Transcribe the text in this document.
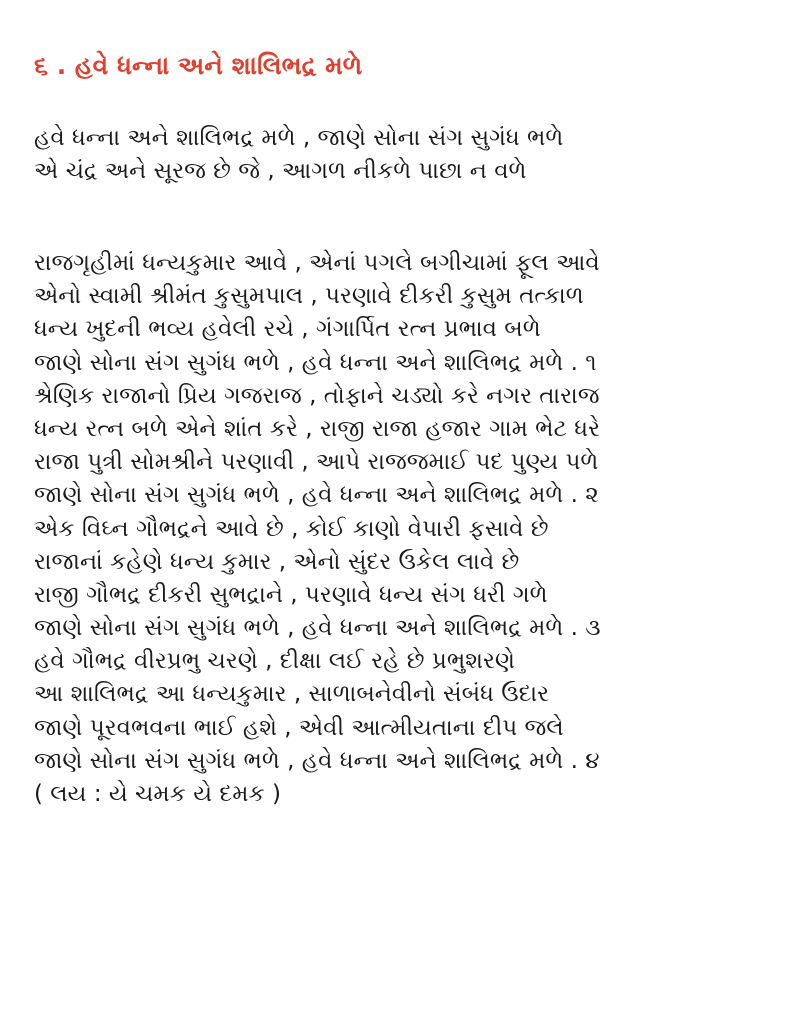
૬ . હવે ધન્ના અને શાલિભદ્ર મળે
હવે ધન્ના અને શાલિભદ્ર મળે , જાણે સોના સંગ સુગંધ ભળે
એ ચંદ્ર અને સૂરજ છે જે , આગળ નીકળે પાછા ન વળે
રાજગૃહીમાં ધન્યકુમાર આવે , એનાં પગલે બગીચામાં ફૂલ આવે
એનો સ્વામી શ્રીમંત કુસુમપાલ , પરણાવે દીકરી કુસુમ તત્કાળ
ધન્ય ખુદની ભવ્ય હવેલી રચે , ગંગાર્પિત રત્ન પ્રભાવ બળે
જાણે સોના સંગ સુગંધ ભળે , હવે ધન્ના અને શાલિભદ્ર મળે . ૧
શ્રેણિક રાજાનો પ્રિય ગજરાજ , તોફાને ચડ્યો કરે નગર તારાજ
ધન્ય રત્ન બળે એને શાંત કરે , રાજી રાજા હજાર ગામ ભેટ ધરે
રાજા પુત્રી સોમશ્રીને પરણાવી , આપે રાજજમાઈ પદ પુણ્ય પળે
જાણે સોના સંગ સુગંધ ભળે , હવે ધન્ના અને શાલિભદ્ર મળે . ૨
એક વિઘ્ન ગૌભદ્રને આવે છે , કોઈ કાણો વેપારી ફસાવે છે
રાજાનાં કહેણે ધન્ય કુમાર , એનો સુંદર ઉકેલ લાવે છે
રાજી ગૌભદ્ર દીકરી સુભદ્રાને , પરણાવે ધન્ય સંગ ધરી ગળે
જાણે સોના સંગ સુગંધ ભળે , હવે ધન્ના અને શાલિભદ્ર મળે . ૩
હવે ગૌભદ્ર વીરપ્રભુ ચરણે , દીક્ષા લઈ રહે છે પ્રભુશરણે
આ શાલિભદ્ર આ ધન્યકુમાર , સાળાબનેવીનો સંબંધ ઉદાર
જાણે પૂરવભવના ભાઈ હશે , એવી આત્મીયતાના દીપ જલે
જાણે સોના સંગ સુગંધ ભળે , હવે ધન્ના અને શાલિભદ્ર મળે . ૪
( લય : યે ચમક યે દમક )
